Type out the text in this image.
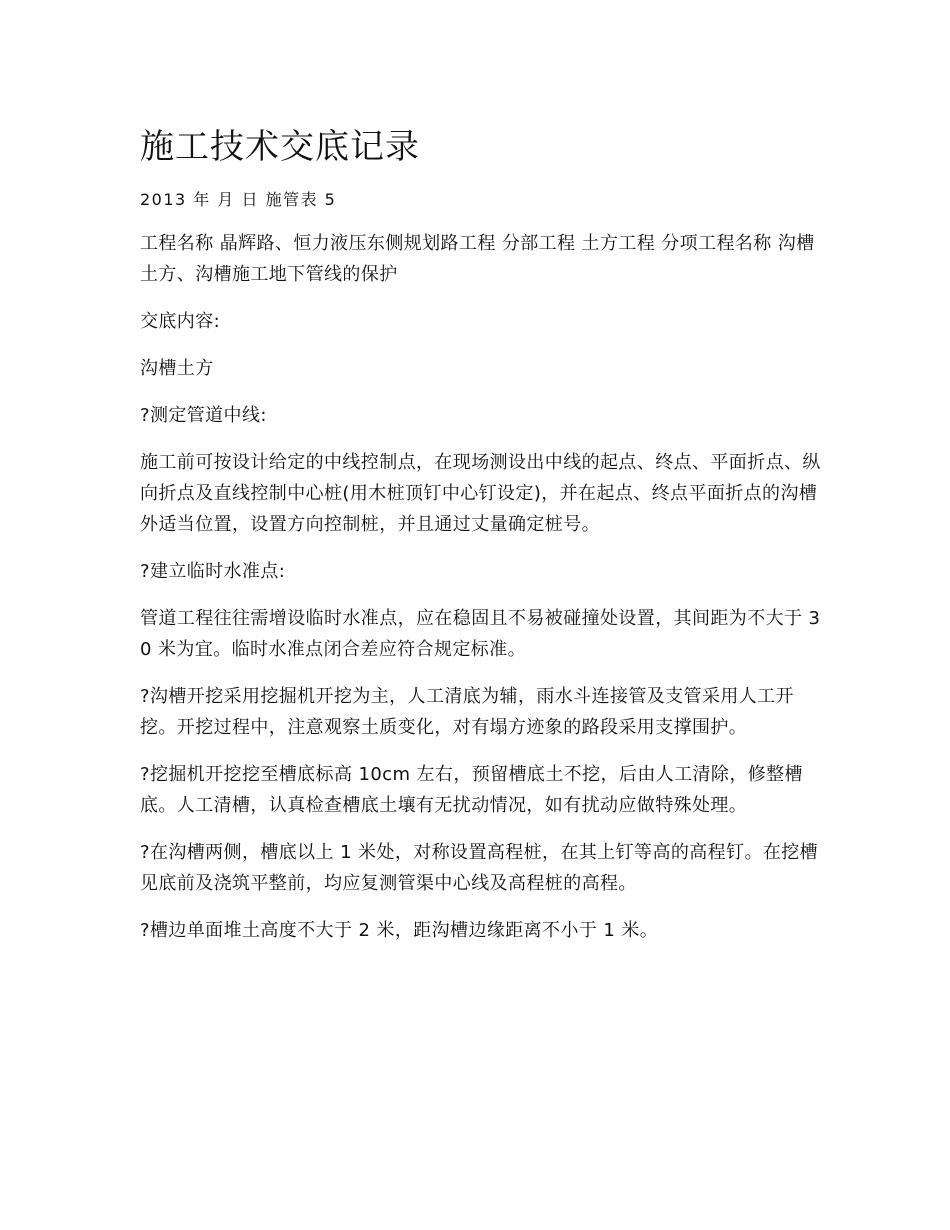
施工技术交底记录

2013 年 月 日 施管表 5

工程名称 晶辉路、恒力液压东侧规划路工程 分部工程 土方工程 分项工程名称 沟槽土方、沟槽施工地下管线的保护

交底内容:

沟槽土方

?测定管道中线:

施工前可按设计给定的中线控制点，在现场测设出中线的起点、终点、平面折点、纵向折点及直线控制中心桩(用木桩顶钉中心钉设定)，并在起点、终点平面折点的沟槽外适当位置，设置方向控制桩，并且通过丈量确定桩号。

?建立临时水准点:

管道工程往往需增设临时水准点，应在稳固且不易被碰撞处设置，其间距为不大于 30 米为宜。临时水准点闭合差应符合规定标准。

?沟槽开挖采用挖掘机开挖为主，人工清底为辅，雨水斗连接管及支管采用人工开挖。开挖过程中，注意观察土质变化，对有塌方迹象的路段采用支撑围护。

?挖掘机开挖挖至槽底标高 10cm 左右，预留槽底土不挖，后由人工清除，修整槽底。人工清槽，认真检查槽底土壤有无扰动情况，如有扰动应做特殊处理。

?在沟槽两侧，槽底以上 1 米处，对称设置高程桩，在其上钉等高的高程钉。在挖槽见底前及浇筑平整前，均应复测管渠中心线及高程桩的高程。

?槽边单面堆土高度不大于 2 米，距沟槽边缘距离不小于 1 米。
